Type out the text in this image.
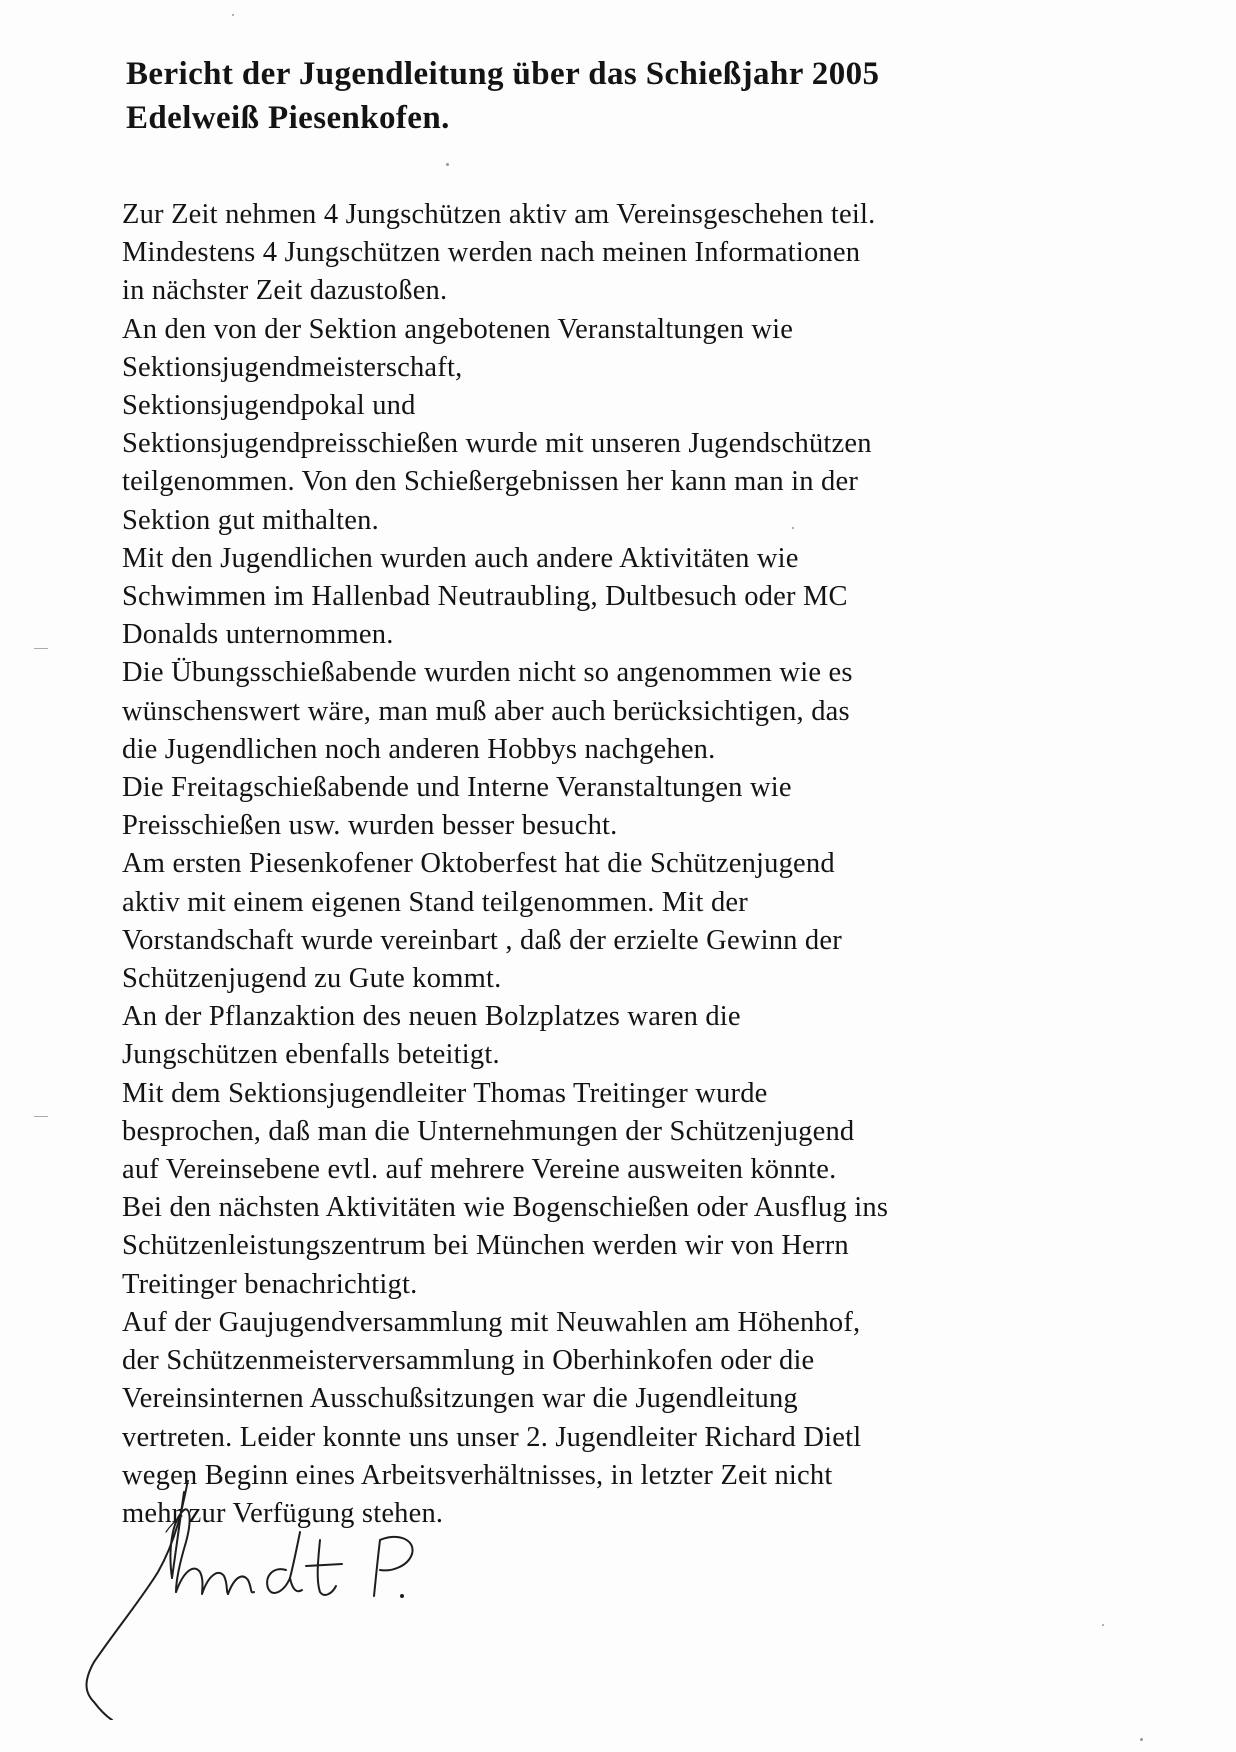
Bericht der Jugendleitung über das Schießjahr 2005
Edelweiß Piesenkofen.
Zur Zeit nehmen 4 Jungschützen aktiv am Vereinsgeschehen teil.
Mindestens 4 Jungschützen werden nach meinen Informationen
in nächster Zeit dazustoßen.
An den von der Sektion angebotenen Veranstaltungen wie
Sektionsjugendmeisterschaft,
Sektionsjugendpokal und
Sektionsjugendpreisschießen wurde mit unseren Jugendschützen
teilgenommen. Von den Schießergebnissen her kann man in der
Sektion gut mithalten.
Mit den Jugendlichen wurden auch andere Aktivitäten wie
Schwimmen im Hallenbad Neutraubling, Dultbesuch oder MC
Donalds unternommen.
Die Übungsschießabende wurden nicht so angenommen wie es
wünschenswert wäre, man muß aber auch berücksichtigen, das
die Jugendlichen noch anderen Hobbys nachgehen.
Die Freitagschießabende und Interne Veranstaltungen wie
Preisschießen usw. wurden besser besucht.
Am ersten Piesenkofener Oktoberfest hat die Schützenjugend
aktiv mit einem eigenen Stand teilgenommen. Mit der
Vorstandschaft wurde vereinbart , daß der erzielte Gewinn der
Schützenjugend zu Gute kommt.
An der Pflanzaktion des neuen Bolzplatzes waren die
Jungschützen ebenfalls beteitigt.
Mit dem Sektionsjugendleiter Thomas Treitinger wurde
besprochen, daß man die Unternehmungen der Schützenjugend
auf Vereinsebene evtl. auf mehrere Vereine ausweiten könnte.
Bei den nächsten Aktivitäten wie Bogenschießen oder Ausflug ins
Schützenleistungszentrum bei München werden wir von Herrn
Treitinger benachrichtigt.
Auf der Gaujugendversammlung mit Neuwahlen am Höhenhof,
der Schützenmeisterversammlung in Oberhinkofen oder die
Vereinsinternen Ausschußsitzungen war die Jugendleitung
vertreten. Leider konnte uns unser 2. Jugendleiter Richard Dietl
wegen Beginn eines Arbeitsverhältnisses, in letzter Zeit nicht
mehr zur Verfügung stehen.
